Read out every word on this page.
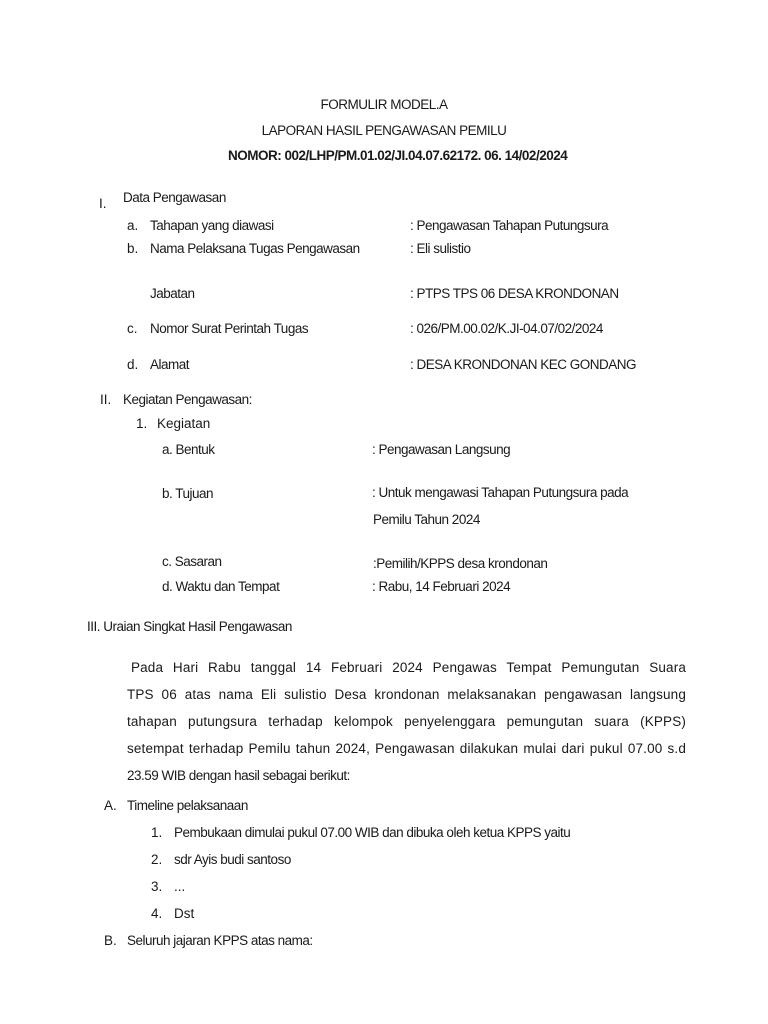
FORMULIR MODEL.A
LAPORAN HASIL PENGAWASAN PEMILU
NOMOR: 002/LHP/PM.01.02/JI.04.07.62172. 06. 14/02/2024
I. Data Pengawasan
a. Tahapan yang diawasi	: Pengawasan Tahapan Putungsura
b. Nama Pelaksana Tugas Pengawasan	: Eli sulistio
Jabatan	: PTPS TPS 06 DESA KRONDONAN
c. Nomor Surat Perintah Tugas	: 026/PM.00.02/K.JI-04.07/02/2024
d. Alamat	: DESA KRONDONAN KEC GONDANG
II. Kegiatan Pengawasan:
1. Kegiatan
a. Bentuk	: Pengawasan Langsung
b. Tujuan	: Untuk mengawasi Tahapan Putungsura pada
Pemilu Tahun 2024
c. Sasaran	:Pemilih/KPPS desa krondonan
d. Waktu dan Tempat	: Rabu, 14 Februari 2024
III. Uraian Singkat Hasil Pengawasan
Pada Hari Rabu tanggal 14 Februari 2024 Pengawas Tempat Pemungutan Suara
TPS 06 atas nama Eli sulistio Desa krondonan melaksanakan pengawasan langsung
tahapan putungsura terhadap kelompok penyelenggara pemungutan suara (KPPS)
setempat terhadap Pemilu tahun 2024, Pengawasan dilakukan mulai dari pukul 07.00 s.d
23.59 WIB dengan hasil sebagai berikut:
A. Timeline pelaksanaan
1. Pembukaan dimulai pukul 07.00 WIB dan dibuka oleh ketua KPPS yaitu
2. sdr Ayis budi santoso
3. ...
4. Dst
B. Seluruh jajaran KPPS atas nama:
